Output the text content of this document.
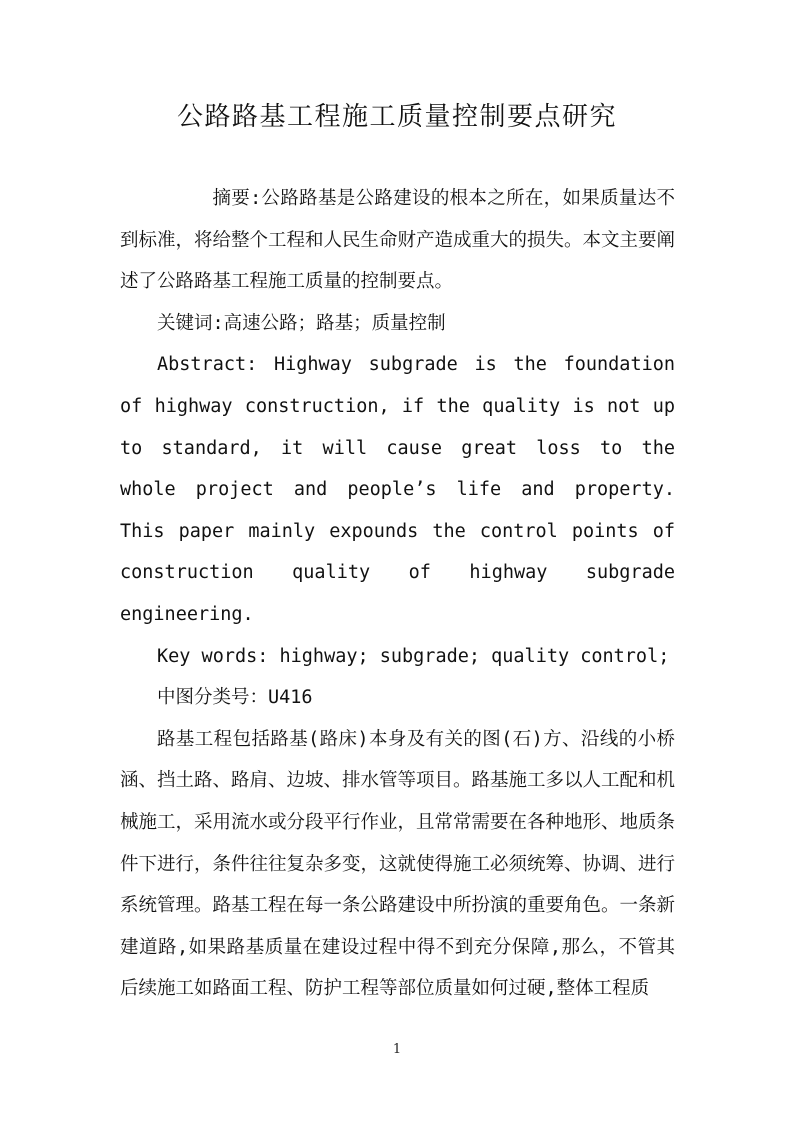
公路路基工程施工质量控制要点研究

摘要:公路路基是公路建设的根本之所在，如果质量达不到标准，将给整个工程和人民生命财产造成重大的损失。本文主要阐述了公路路基工程施工质量的控制要点。

关键词:高速公路；路基；质量控制

Abstract: Highway subgrade is the foundation of highway construction, if the quality is not up to standard, it will cause great loss to the whole project and people’s life and property. This paper mainly expounds the control points of construction quality of highway subgrade engineering.

Key words: highway; subgrade; quality control;

中图分类号：U416

路基工程包括路基(路床)本身及有关的图(石)方、沿线的小桥涵、挡土路、路肩、边坡、排水管等项目。路基施工多以人工配和机械施工，采用流水或分段平行作业，且常常需要在各种地形、地质条件下进行，条件往往复杂多变，这就使得施工必须统筹、协调、进行系统管理。路基工程在每一条公路建设中所扮演的重要角色。一条新建道路,如果路基质量在建设过程中得不到充分保障,那么，不管其后续施工如路面工程、防护工程等部位质量如何过硬,整体工程质

1
